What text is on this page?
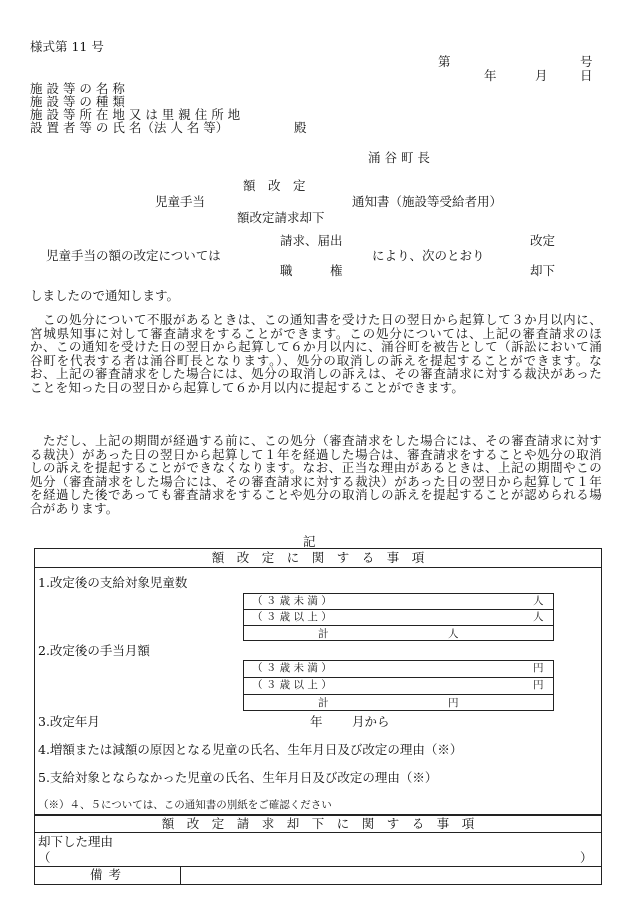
様式第 11 号
第	号
年	月	日
施 設 等 の 名 称
施 設 等 の 種 類
施 設 等 所 在 地 又 は 里 親 住 所 地
設 置 者 等 の 氏 名（法 人 名 等）	殿
涌 谷 町 長
額　改　定
児童手当	通知書（施設等受給者用）
額改定請求却下
請求、届出	改定
児童手当の額の改定については	により、次のとおり
職　　　権	却下
しましたので通知します。
　この処分について不服があるときは、この通知書を受けた日の翌日から起算して３か月以内に、宮城県知事に対して審査請求をすることができます。この処分については、上記の審査請求のほか、この通知を受けた日の翌日から起算して６か月以内に、涌谷町を被告として（訴訟において涌谷町を代表する者は涌谷町長となります。）、処分の取消しの訴えを提起することができます。なお、上記の審査請求をした場合には、処分の取消しの訴えは、その審査請求に対する裁決があったことを知った日の翌日から起算して６か月以内に提起することができます。
　ただし、上記の期間が経過する前に、この処分（審査請求をした場合には、その審査請求に対する裁決）があった日の翌日から起算して１年を経過した場合は、審査請求をすることや処分の取消しの訴えを提起することができなくなります。なお、正当な理由があるときは、上記の期間やこの処分（審査請求をした場合には、その審査請求に対する裁決）があった日の翌日から起算して１年を経過した後であっても審査請求をすることや処分の取消しの訴えを提起することが認められる場合があります。
記
額　改　定　に　関　す　る　事　項
1.改定後の支給対象児童数
（ ３ 歳 未 満 ）	人
（ ３ 歳 以 上 ）	人
計	人
2.改定後の手当月額
（ ３ 歳 未 満 ）	円
（ ３ 歳 以 上 ）	円
計	円
3.改定年月	年 月から
4.増額または減額の原因となる児童の氏名、生年月日及び改定の理由（※）
5.支給対象とならなかった児童の氏名、生年月日及び改定の理由（※）
（※）４、５については、この通知書の別紙をご確認ください
額　改　定　請　求　却　下　に　関　す　る　事　項
却下した理由
（	）
備考
